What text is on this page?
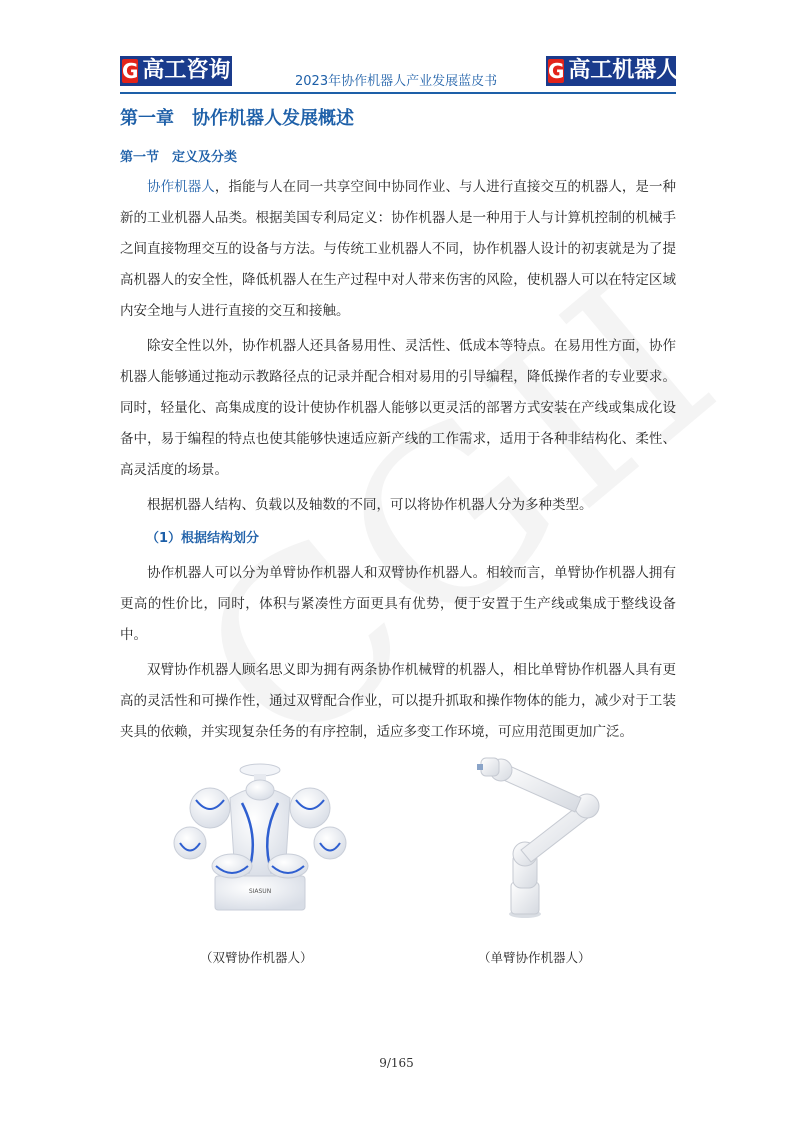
G 高工咨询	2023年协作机器人产业发展蓝皮书	G 高工机器人
第一章　协作机器人发展概述
第一节　定义及分类

协作机器人，指能与人在同一共享空间中协同作业、与人进行直接交互的机器人，是一种新的工业机器人品类。根据美国专利局定义：协作机器人是一种用于人与计算机控制的机械手之间直接物理交互的设备与方法。与传统工业机器人不同，协作机器人设计的初衷就是为了提高机器人的安全性，降低机器人在生产过程中对人带来伤害的风险，使机器人可以在特定区域内安全地与人进行直接的交互和接触。

除安全性以外，协作机器人还具备易用性、灵活性、低成本等特点。在易用性方面，协作机器人能够通过拖动示教路径点的记录并配合相对易用的引导编程，降低操作者的专业要求。同时，轻量化、高集成度的设计使协作机器人能够以更灵活的部署方式安装在产线或集成化设备中，易于编程的特点也使其能够快速适应新产线的工作需求，适用于各种非结构化、柔性、高灵活度的场景。

根据机器人结构、负载以及轴数的不同，可以将协作机器人分为多种类型。

（1）根据结构划分

协作机器人可以分为单臂协作机器人和双臂协作机器人。相较而言，单臂协作机器人拥有更高的性价比，同时，体积与紧凑性方面更具有优势，便于安置于生产线或集成于整线设备中。

双臂协作机器人顾名思义即为拥有两条协作机械臂的机器人，相比单臂协作机器人具有更高的灵活性和可操作性，通过双臂配合作业，可以提升抓取和操作物体的能力，减少对于工装夹具的依赖，并实现复杂任务的有序控制，适应多变工作环境，可应用范围更加广泛。

SIASUN
（双臂协作机器人）	（单臂协作机器人）
9/165
